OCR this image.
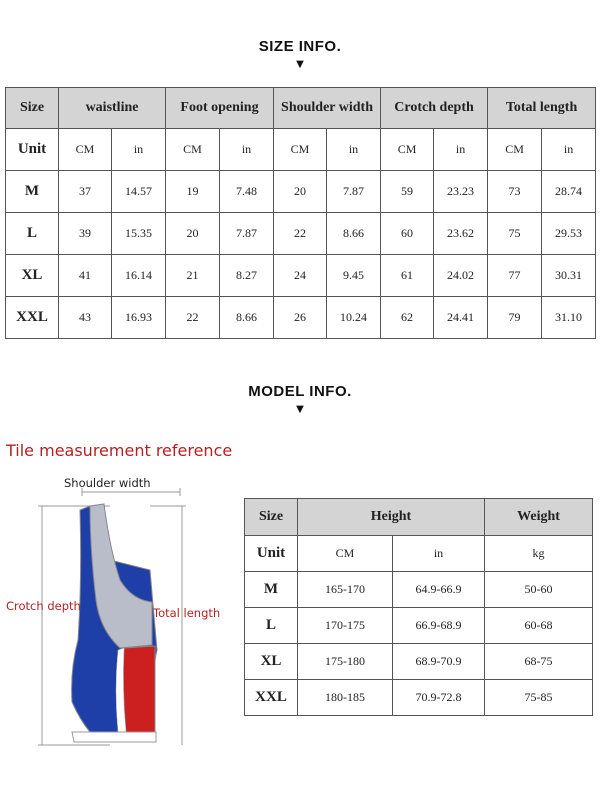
SIZE INFO.
▼
Size	waistline		Foot opening		Shoulder width		Crotch depth		Total length	
Unit	CM	in	CM	in	CM	in	CM	in	CM	in
M	37	14.57	19	7.48	20	7.87	59	23.23	73	28.74
L	39	15.35	20	7.87	22	8.66	60	23.62	75	29.53
XL	41	16.14	21	8.27	24	9.45	61	24.02	77	30.31
XXL	43	16.93	22	8.66	26	10.24	62	24.41	79	31.10
MODEL INFO.
▼
Tile measurement reference
Shoulder width
Crotch depth	Total length
Size	Height		Weight
Unit	CM	in	kg
M	165-170	64.9-66.9	50-60
L	170-175	66.9-68.9	60-68
XL	175-180	68.9-70.9	68-75
XXL	180-185	70.9-72.8	75-85
